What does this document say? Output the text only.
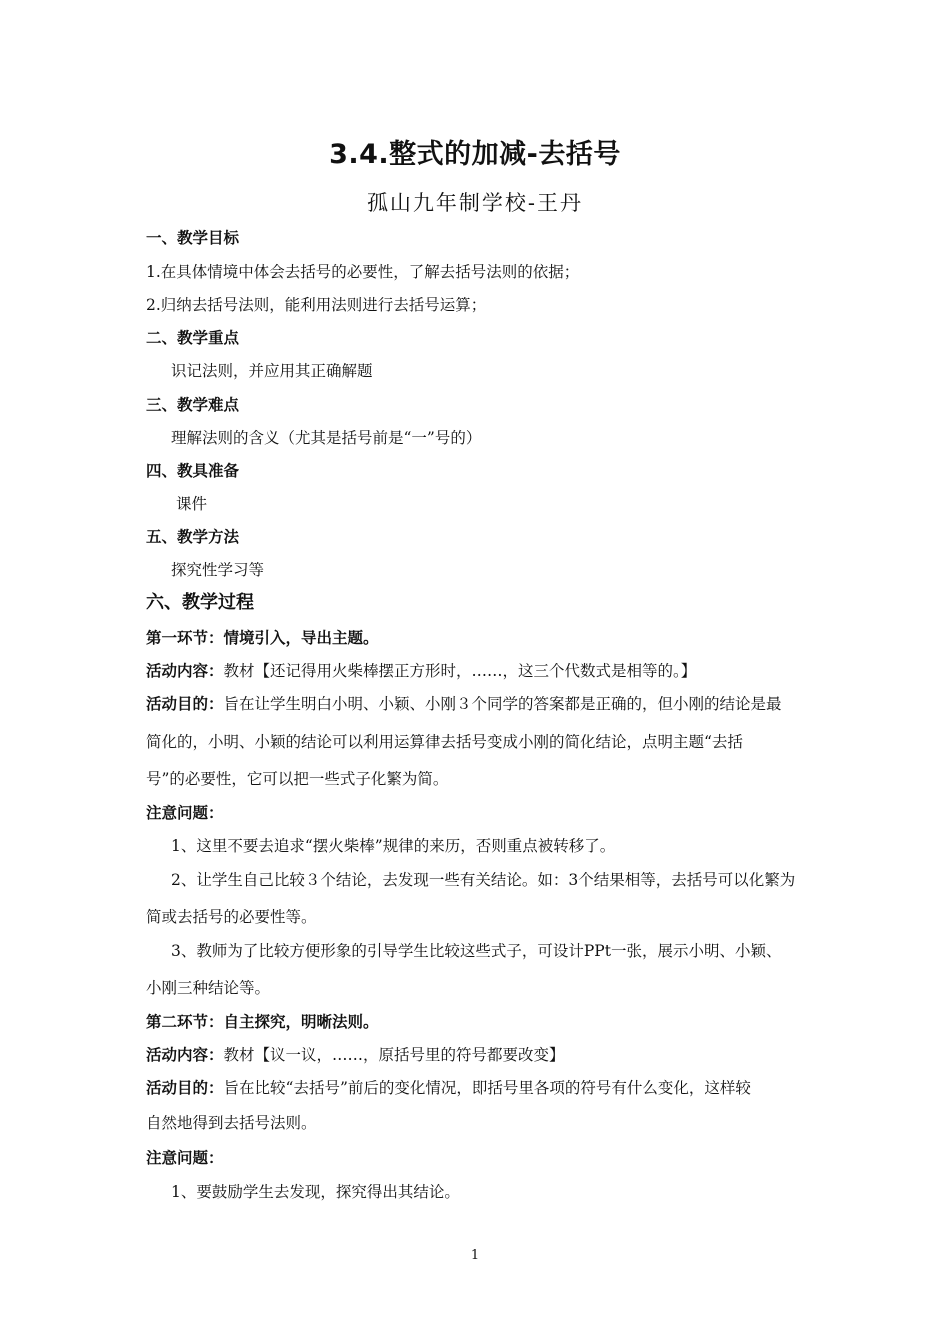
3.4.整式的加减-去括号
孤山九年制学校-王丹
一、教学目标
1.在具体情境中体会去括号的必要性，了解去括号法则的依据；
2.归纳去括号法则，能利用法则进行去括号运算；
二、教学重点
识记法则，并应用其正确解题
三、教学难点
理解法则的含义（尤其是括号前是“一”号的）
四、教具准备
课件
五、教学方法
探究性学习等
六、教学过程
第一环节：情境引入，导出主题。
活动内容：教材【还记得用火柴棒摆正方形时，……，这三个代数式是相等的。】
活动目的：旨在让学生明白小明、小颖、小刚３个同学的答案都是正确的，但小刚的结论是最
简化的，小明、小颖的结论可以利用运算律去括号变成小刚的简化结论，点明主题“去括
号”的必要性，它可以把一些式子化繁为简。
注意问题：
1、这里不要去追求“摆火柴棒”规律的来历，否则重点被转移了。
2、让学生自己比较３个结论，去发现一些有关结论。如：3个结果相等，去括号可以化繁为
简或去括号的必要性等。
3、教师为了比较方便形象的引导学生比较这些式子，可设计PPt一张，展示小明、小颖、
小刚三种结论等。
第二环节：自主探究，明晰法则。
活动内容：教材【议一议，……，原括号里的符号都要改变】
活动目的：旨在比较“去括号”前后的变化情况，即括号里各项的符号有什么变化，这样较
自然地得到去括号法则。
注意问题：
1、要鼓励学生去发现，探究得出其结论。
1
